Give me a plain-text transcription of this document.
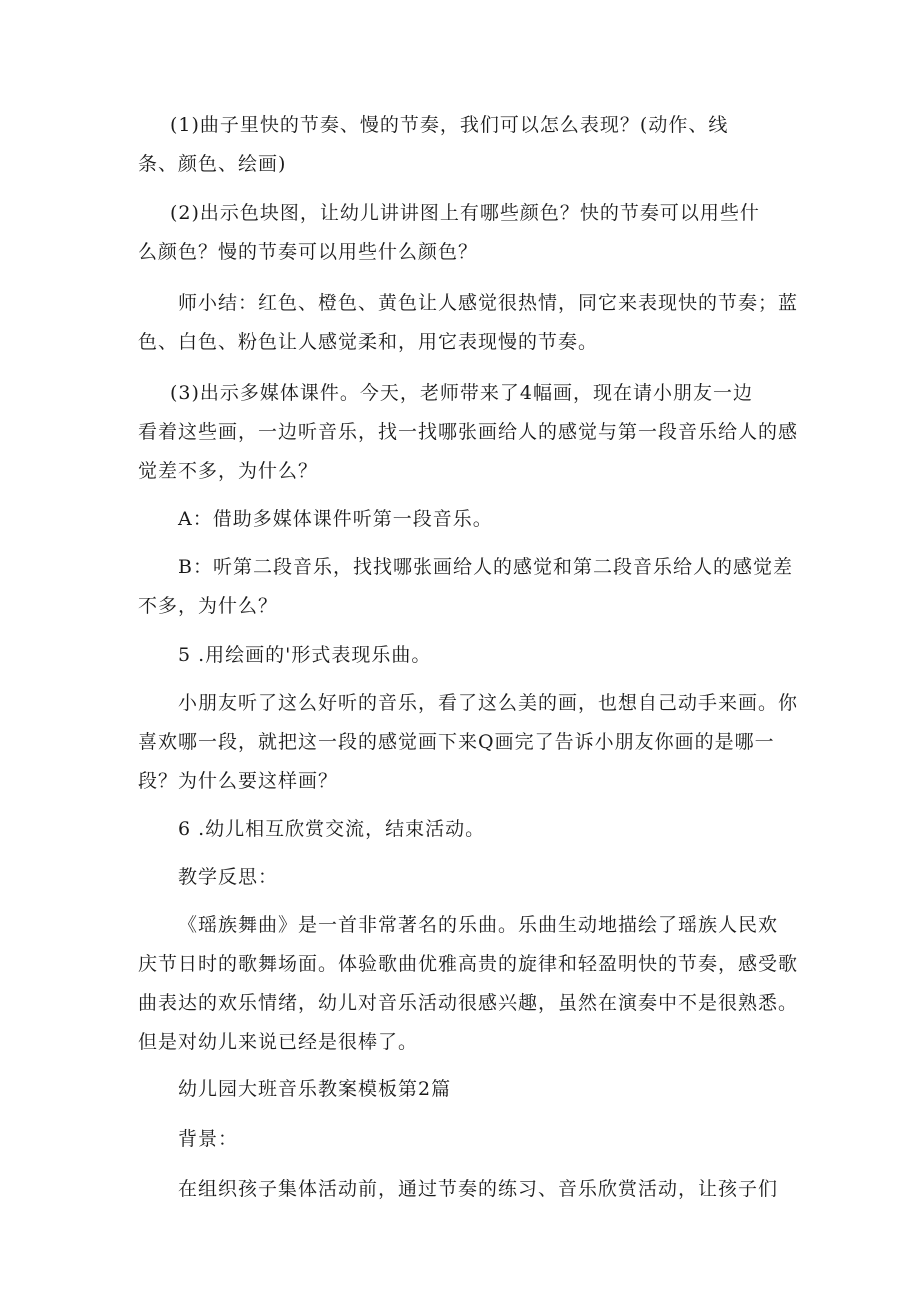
(1)曲子里快的节奏、慢的节奏，我们可以怎么表现？(动作、线
条、颜色、绘画)
(2)出示色块图，让幼儿讲讲图上有哪些颜色？快的节奏可以用些什
么颜色？慢的节奏可以用些什么颜色？
师小结：红色、橙色、黄色让人感觉很热情，同它来表现快的节奏；蓝
色、白色、粉色让人感觉柔和，用它表现慢的节奏。
(3)出示多媒体课件。今天，老师带来了4幅画，现在请小朋友一边
看着这些画，一边听音乐，找一找哪张画给人的感觉与第一段音乐给人的感
觉差不多，为什么？
A：借助多媒体课件听第一段音乐。
B：听第二段音乐，找找哪张画给人的感觉和第二段音乐给人的感觉差
不多，为什么？
5 .用绘画的'形式表现乐曲。
小朋友听了这么好听的音乐，看了这么美的画，也想自己动手来画。你
喜欢哪一段，就把这一段的感觉画下来Q画完了告诉小朋友你画的是哪一
段？为什么要这样画？
6 .幼儿相互欣赏交流，结束活动。
教学反思：
《瑶族舞曲》是一首非常著名的乐曲。乐曲生动地描绘了瑶族人民欢
庆节日时的歌舞场面。体验歌曲优雅高贵的旋律和轻盈明快的节奏，感受歌
曲表达的欢乐情绪，幼儿对音乐活动很感兴趣，虽然在演奏中不是很熟悉。
但是对幼儿来说已经是很棒了。
幼儿园大班音乐教案模板第2篇
背景：
在组织孩子集体活动前，通过节奏的练习、音乐欣赏活动，让孩子们
